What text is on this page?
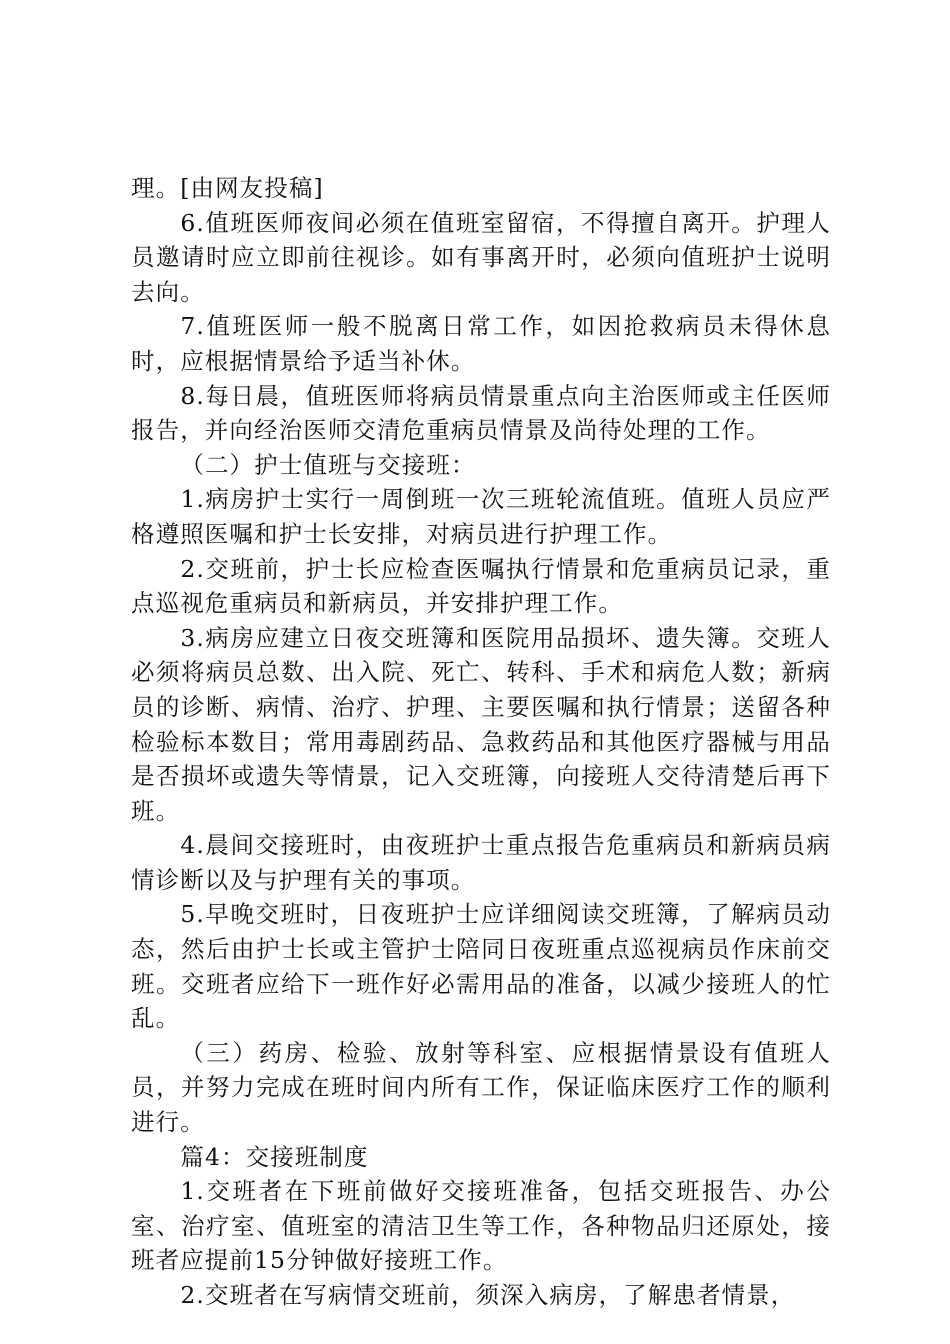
理。[由网友投稿]

6.值班医师夜间必须在值班室留宿，不得擅自离开。护理人员邀请时应立即前往视诊。如有事离开时，必须向值班护士说明去向。

7.值班医师一般不脱离日常工作，如因抢救病员未得休息时，应根据情景给予适当补休。

8.每日晨，值班医师将病员情景重点向主治医师或主任医师报告，并向经治医师交清危重病员情景及尚待处理的工作。

（二）护士值班与交接班：

1.病房护士实行一周倒班一次三班轮流值班。值班人员应严格遵照医嘱和护士长安排，对病员进行护理工作。

2.交班前，护士长应检查医嘱执行情景和危重病员记录，重点巡视危重病员和新病员，并安排护理工作。

3.病房应建立日夜交班簿和医院用品损坏、遗失簿。交班人必须将病员总数、出入院、死亡、转科、手术和病危人数；新病员的诊断、病情、治疗、护理、主要医嘱和执行情景；送留各种检验标本数目；常用毒剧药品、急救药品和其他医疗器械与用品是否损坏或遗失等情景，记入交班簿，向接班人交待清楚后再下班。

4.晨间交接班时，由夜班护士重点报告危重病员和新病员病情诊断以及与护理有关的事项。

5.早晚交班时，日夜班护士应详细阅读交班簿，了解病员动态，然后由护士长或主管护士陪同日夜班重点巡视病员作床前交班。交班者应给下一班作好必需用品的准备，以减少接班人的忙乱。

（三）药房、检验、放射等科室、应根据情景设有值班人员，并努力完成在班时间内所有工作，保证临床医疗工作的顺利进行。

篇4：交接班制度

1.交班者在下班前做好交接班准备，包括交班报告、办公室、治疗室、值班室的清洁卫生等工作，各种物品归还原处，接班者应提前15分钟做好接班工作。

2.交班者在写病情交班前，须深入病房，了解患者情景，
